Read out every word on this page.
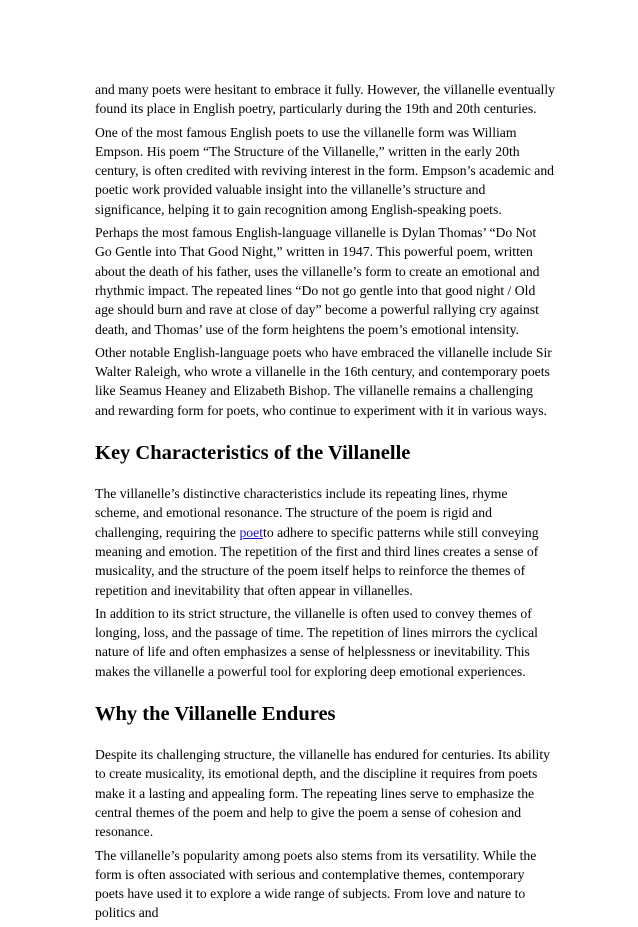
and many poets were hesitant to embrace it fully. However, the villanelle eventually found its place in English poetry, particularly during the 19th and 20th centuries.

One of the most famous English poets to use the villanelle form was William Empson. His poem “The Structure of the Villanelle,” written in the early 20th century, is often credited with reviving interest in the form. Empson’s academic and poetic work provided valuable insight into the villanelle’s structure and significance, helping it to gain recognition among English-speaking poets.

Perhaps the most famous English-language villanelle is Dylan Thomas’ “Do Not Go Gentle into That Good Night,” written in 1947. This powerful poem, written about the death of his father, uses the villanelle’s form to create an emotional and rhythmic impact. The repeated lines “Do not go gentle into that good night / Old age should burn and rave at close of day” become a powerful rallying cry against death, and Thomas’ use of the form heightens the poem’s emotional intensity.

Other notable English-language poets who have embraced the villanelle include Sir Walter Raleigh, who wrote a villanelle in the 16th century, and contemporary poets like Seamus Heaney and Elizabeth Bishop. The villanelle remains a challenging and rewarding form for poets, who continue to experiment with it in various ways.

Key Characteristics of the Villanelle

The villanelle’s distinctive characteristics include its repeating lines, rhyme scheme, and emotional resonance. The structure of the poem is rigid and challenging, requiring the poetto adhere to specific patterns while still conveying meaning and emotion. The repetition of the first and third lines creates a sense of musicality, and the structure of the poem itself helps to reinforce the themes of repetition and inevitability that often appear in villanelles.

In addition to its strict structure, the villanelle is often used to convey themes of longing, loss, and the passage of time. The repetition of lines mirrors the cyclical nature of life and often emphasizes a sense of helplessness or inevitability. This makes the villanelle a powerful tool for exploring deep emotional experiences.

Why the Villanelle Endures

Despite its challenging structure, the villanelle has endured for centuries. Its ability to create musicality, its emotional depth, and the discipline it requires from poets make it a lasting and appealing form. The repeating lines serve to emphasize the central themes of the poem and help to give the poem a sense of cohesion and resonance.

The villanelle’s popularity among poets also stems from its versatility. While the form is often associated with serious and contemplative themes, contemporary poets have used it to explore a wide range of subjects. From love and nature to politics and
